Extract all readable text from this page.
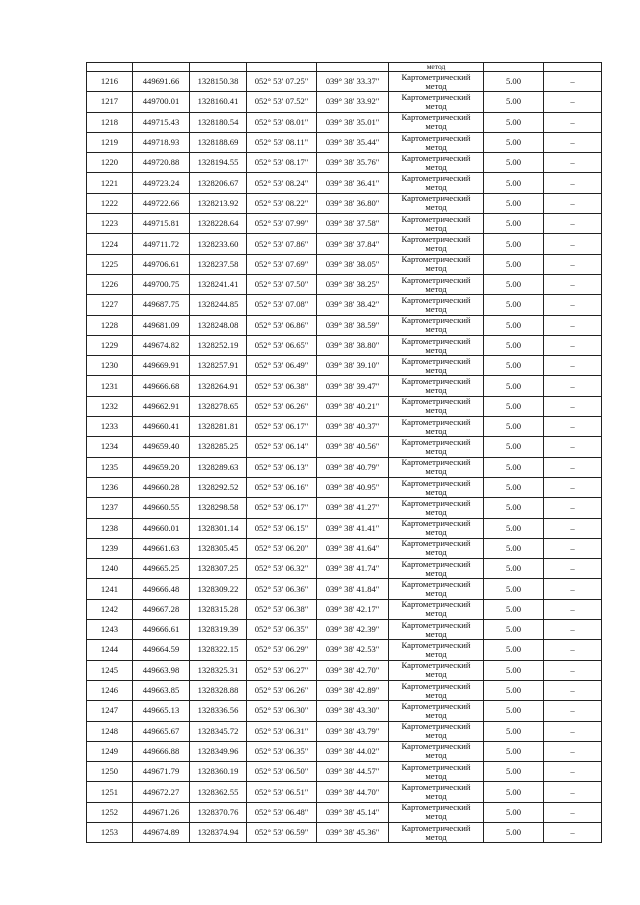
					метод		
1216	449691.66	1328150.38	052° 53' 07.25"	039° 38' 33.37"	Картометрический
метод	5.00	–
1217	449700.01	1328160.41	052° 53' 07.52"	039° 38' 33.92"	Картометрический
метод	5.00	–
1218	449715.43	1328180.54	052° 53' 08.01"	039° 38' 35.01"	Картометрический
метод	5.00	–
1219	449718.93	1328188.69	052° 53' 08.11"	039° 38' 35.44"	Картометрический
метод	5.00	–
1220	449720.88	1328194.55	052° 53' 08.17"	039° 38' 35.76"	Картометрический
метод	5.00	–
1221	449723.24	1328206.67	052° 53' 08.24"	039° 38' 36.41"	Картометрический
метод	5.00	–
1222	449722.66	1328213.92	052° 53' 08.22"	039° 38' 36.80"	Картометрический
метод	5.00	–
1223	449715.81	1328228.64	052° 53' 07.99"	039° 38' 37.58"	Картометрический
метод	5.00	–
1224	449711.72	1328233.60	052° 53' 07.86"	039° 38' 37.84"	Картометрический
метод	5.00	–
1225	449706.61	1328237.58	052° 53' 07.69"	039° 38' 38.05"	Картометрический
метод	5.00	–
1226	449700.75	1328241.41	052° 53' 07.50"	039° 38' 38.25"	Картометрический
метод	5.00	–
1227	449687.75	1328244.85	052° 53' 07.08"	039° 38' 38.42"	Картометрический
метод	5.00	–
1228	449681.09	1328248.08	052° 53' 06.86"	039° 38' 38.59"	Картометрический
метод	5.00	–
1229	449674.82	1328252.19	052° 53' 06.65"	039° 38' 38.80"	Картометрический
метод	5.00	–
1230	449669.91	1328257.91	052° 53' 06.49"	039° 38' 39.10"	Картометрический
метод	5.00	–
1231	449666.68	1328264.91	052° 53' 06.38"	039° 38' 39.47"	Картометрический
метод	5.00	–
1232	449662.91	1328278.65	052° 53' 06.26"	039° 38' 40.21"	Картометрический
метод	5.00	–
1233	449660.41	1328281.81	052° 53' 06.17"	039° 38' 40.37"	Картометрический
метод	5.00	–
1234	449659.40	1328285.25	052° 53' 06.14"	039° 38' 40.56"	Картометрический
метод	5.00	–
1235	449659.20	1328289.63	052° 53' 06.13"	039° 38' 40.79"	Картометрический
метод	5.00	–
1236	449660.28	1328292.52	052° 53' 06.16"	039° 38' 40.95"	Картометрический
метод	5.00	–
1237	449660.55	1328298.58	052° 53' 06.17"	039° 38' 41.27"	Картометрический
метод	5.00	–
1238	449660.01	1328301.14	052° 53' 06.15"	039° 38' 41.41"	Картометрический
метод	5.00	–
1239	449661.63	1328305.45	052° 53' 06.20"	039° 38' 41.64"	Картометрический
метод	5.00	–
1240	449665.25	1328307.25	052° 53' 06.32"	039° 38' 41.74"	Картометрический
метод	5.00	–
1241	449666.48	1328309.22	052° 53' 06.36"	039° 38' 41.84"	Картометрический
метод	5.00	–
1242	449667.28	1328315.28	052° 53' 06.38"	039° 38' 42.17"	Картометрический
метод	5.00	–
1243	449666.61	1328319.39	052° 53' 06.35"	039° 38' 42.39"	Картометрический
метод	5.00	–
1244	449664.59	1328322.15	052° 53' 06.29"	039° 38' 42.53"	Картометрический
метод	5.00	–
1245	449663.98	1328325.31	052° 53' 06.27"	039° 38' 42.70"	Картометрический
метод	5.00	–
1246	449663.85	1328328.88	052° 53' 06.26"	039° 38' 42.89"	Картометрический
метод	5.00	–
1247	449665.13	1328336.56	052° 53' 06.30"	039° 38' 43.30"	Картометрический
метод	5.00	–
1248	449665.67	1328345.72	052° 53' 06.31"	039° 38' 43.79"	Картометрический
метод	5.00	–
1249	449666.88	1328349.96	052° 53' 06.35"	039° 38' 44.02"	Картометрический
метод	5.00	–
1250	449671.79	1328360.19	052° 53' 06.50"	039° 38' 44.57"	Картометрический
метод	5.00	–
1251	449672.27	1328362.55	052° 53' 06.51"	039° 38' 44.70"	Картометрический
метод	5.00	–
1252	449671.26	1328370.76	052° 53' 06.48"	039° 38' 45.14"	Картометрический
метод	5.00	–
1253	449674.89	1328374.94	052° 53' 06.59"	039° 38' 45.36"	Картометрический
метод	5.00	–
